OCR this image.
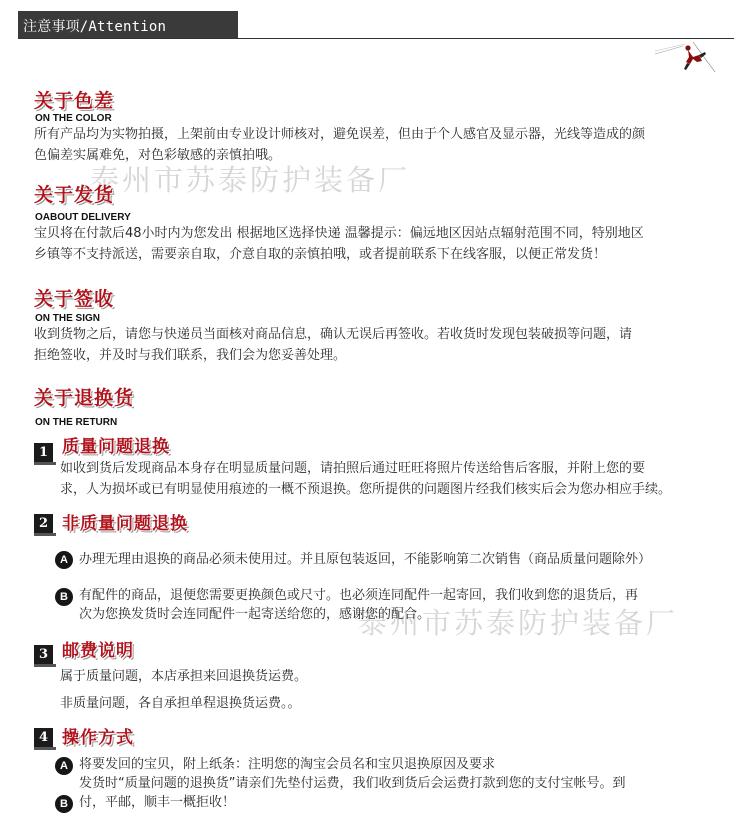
注意事项/Attention
泰州市苏泰防护装备厂
泰州市苏泰防护装备厂
关于色差
ON THE COLOR
所有产品均为实物拍摄，上架前由专业设计师核对，避免误差，但由于个人感官及显示器，光线等造成的颜
色偏差实属难免，对色彩敏感的亲慎拍哦。
关于发货
OABOUT DELIVERY
宝贝将在付款后48小时内为您发出 根据地区选择快递 温馨提示：偏远地区因站点辐射范围不同，特别地区
乡镇等不支持派送，需要亲自取，介意自取的亲慎拍哦，或者提前联系下在线客服，以便正常发货！
关于签收
ON THE SIGN
收到货物之后，请您与快递员当面核对商品信息，确认无误后再签收。若收货时发现包装破损等问题，请
拒绝签收，并及时与我们联系，我们会为您妥善处理。
关于退换货
ON THE RETURN
1 质量问题退换
如收到货后发现商品本身存在明显质量问题，请拍照后通过旺旺将照片传送给售后客服，并附上您的要
求，人为损坏或已有明显使用痕迹的一概不预退换。您所提供的问题图片经我们核实后会为您办相应手续。
2 非质量问题退换
A 办理无理由退换的商品必须未使用过。并且原包装返回，不能影响第二次销售（商品质量问题除外）
B 有配件的商品，退便您需要更换颜色或尺寸。也必须连同配件一起寄回，我们收到您的退货后，再
次为您换发货时会连同配件一起寄送给您的，感谢您的配合。
3 邮费说明
属于质量问题，本店承担来回退换货运费。
非质量问题，各自承担单程退换货运费。。
4 操作方式
A 将要发回的宝贝，附上纸条：注明您的淘宝会员名和宝贝退换原因及要求
B
发货时“质量问题的退换货”请亲们先垫付运费，我们收到货后会运费打款到您的支付宝帐号。到
付，平邮，顺丰一概拒收！
